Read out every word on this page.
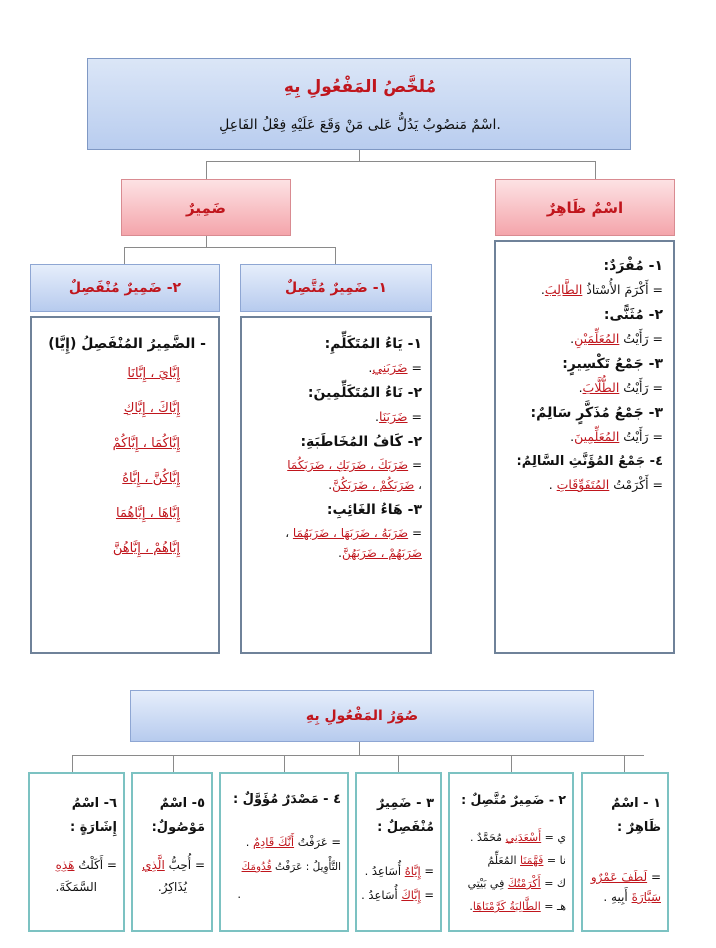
مُلخَّصُ المَفْعُولِ بِهِ
اسْمٌ مَنصُوبٌ يَدُلُّ عَلى مَنْ وَقَعَ عَلَيْهِ فِعْلُ الفَاعِلِ.
ضَمِيرٌ	اسْمٌ ظَاهِرٌ
١- ضَمِيرٌ مُتَّصِلٌ
٢- ضَمِيرٌ مُنْفَصِلٌ

١- مُفْرَدٌ:

= أَكْرَمَ الأُسْتاذُ الطَّالِبَ.

٢- مُثَنًّى:

= رَأَيْتُ المُعَلِّمَيْنِ.

٣- جَمْعُ تَكْسِيرٍ:

= رَأَيْتُ الطُّلَّابَ.

٣- جَمْعُ مُذَكَّرٍ سَالِمٌ:

= رَأَيْتُ المُعَلِّمِينَ.

٤- جَمْعُ المُؤَنَّثِ السَّالِمُ:

= أَكْرَمْتُ المُتَفَوِّقَاتِ .

١- يَاءُ المُتَكَلِّمِ:

= ضَرَبَنِي.

٢- نَاءُ المُتَكَلِّمِينَ:

= ضَرَبَنَا.

٢- كَافُ المُخَاطَبَةِ:

= ضَرَبَكَ ، ضَرَبَكِ ، ضَرَبَكُمَا

، ضَرَبَكُمْ ، ضَرَبَكُنَّ.

٣- هَاءُ الغَائِبِ:

= ضَرَبَهُ ، ضَرَبَهَا ، ضَرَبَهُمَا ،

ضَرَبَهُمْ ، ضَرَبَهُنَّ.

- الضَّمِيرُ المُنْفَصِلُ (إِيَّا)

إِيَّايَ ، إِيَّانَا

إِيَّاكَ ، إِيَّاكِ

إِيَّاكُمَا ، إِيَّاكُمْ

إِيَّاكُنَّ ، إِيَّاهُ

إِيَّاهَا ، إِيَّاهُمَا

إِيَّاهُمْ ، إِيَّاهُنَّ

صُوَرُ المَفْعُولِ بِهِ

١ - اسْمٌ ظَاهِرٌ :

= لَطَفَ عَمْرٌو

سَيَّارَةَ أَبِيهِ .

٢ - ضَمِيرٌ مُتَّصِلٌ :

ي = أَسْعَدَنِي مُحَمَّدٌ .

نا = فَهَّمَنَا المُعَلِّمُ

ك = أَكْرَمْتُكَ فِي بَيْتِي

هـ = الطَّالِبَةُ كَرَّمْنَاهَا.

٣ - ضَمِيرٌ مُنْفَصِلٌ :

= إِيَّاهُ أُسَاعِدُ .

= إِيَّاكَ أُسَاعِدُ .

٤ - مَصْدَرٌ مُؤَوَّلٌ :

= عَرَفْتُ أَنَّكَ قَادِمٌ .

التَّأْوِيلُ : عَرَفْتُ قُدُومَكَ

.

٥- اسْمٌ مَوْصُولٌ:

= أُحِبُّ الَّذِي

يُذَاكِرُ.

٦- اسْمُ إِشَارَةٍ :

= أَكَلْتُ هَذِهِ

السَّمَكَةَ.
